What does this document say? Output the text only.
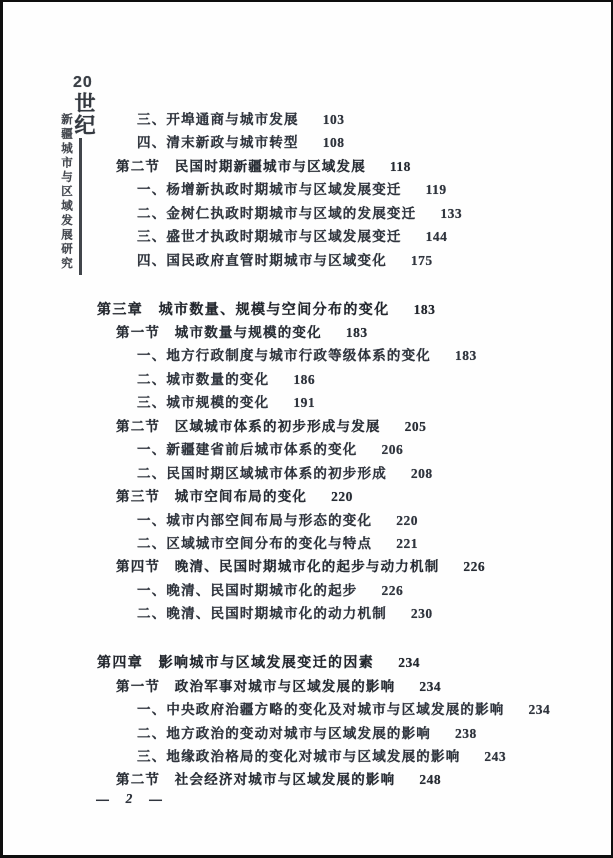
20
世纪
新疆城市与区域发展研究	三、开埠通商与城市发展 103
四、清末新政与城市转型 108
第二节　民国时期新疆城市与区域发展 118
一、杨增新执政时期城市与区域发展变迁 119
二、金树仁执政时期城市与区域的发展变迁 133
三、盛世才执政时期城市与区域发展变迁 144
四、国民政府直管时期城市与区域变化 175
第三章　城市数量、规模与空间分布的变化 183
第一节　城市数量与规模的变化 183
一、地方行政制度与城市行政等级体系的变化 183
二、城市数量的变化 186
三、城市规模的变化 191
第二节　区域城市体系的初步形成与发展 205
一、新疆建省前后城市体系的变化 206
二、民国时期区域城市体系的初步形成 208
第三节　城市空间布局的变化 220
一、城市内部空间布局与形态的变化 220
二、区域城市空间分布的变化与特点 221
第四节　晚清、民国时期城市化的起步与动力机制 226
一、晚清、民国时期城市化的起步 226
二、晚清、民国时期城市化的动力机制 230
第四章　影响城市与区域发展变迁的因素 234
第一节　政治军事对城市与区域发展的影响 234
一、中央政府治疆方略的变化及对城市与区域发展的影响 234
二、地方政治的变动对城市与区域发展的影响 238
三、地缘政治格局的变化对城市与区域发展的影响 243
第二节　社会经济对城市与区域发展的影响 248
— 2 —
